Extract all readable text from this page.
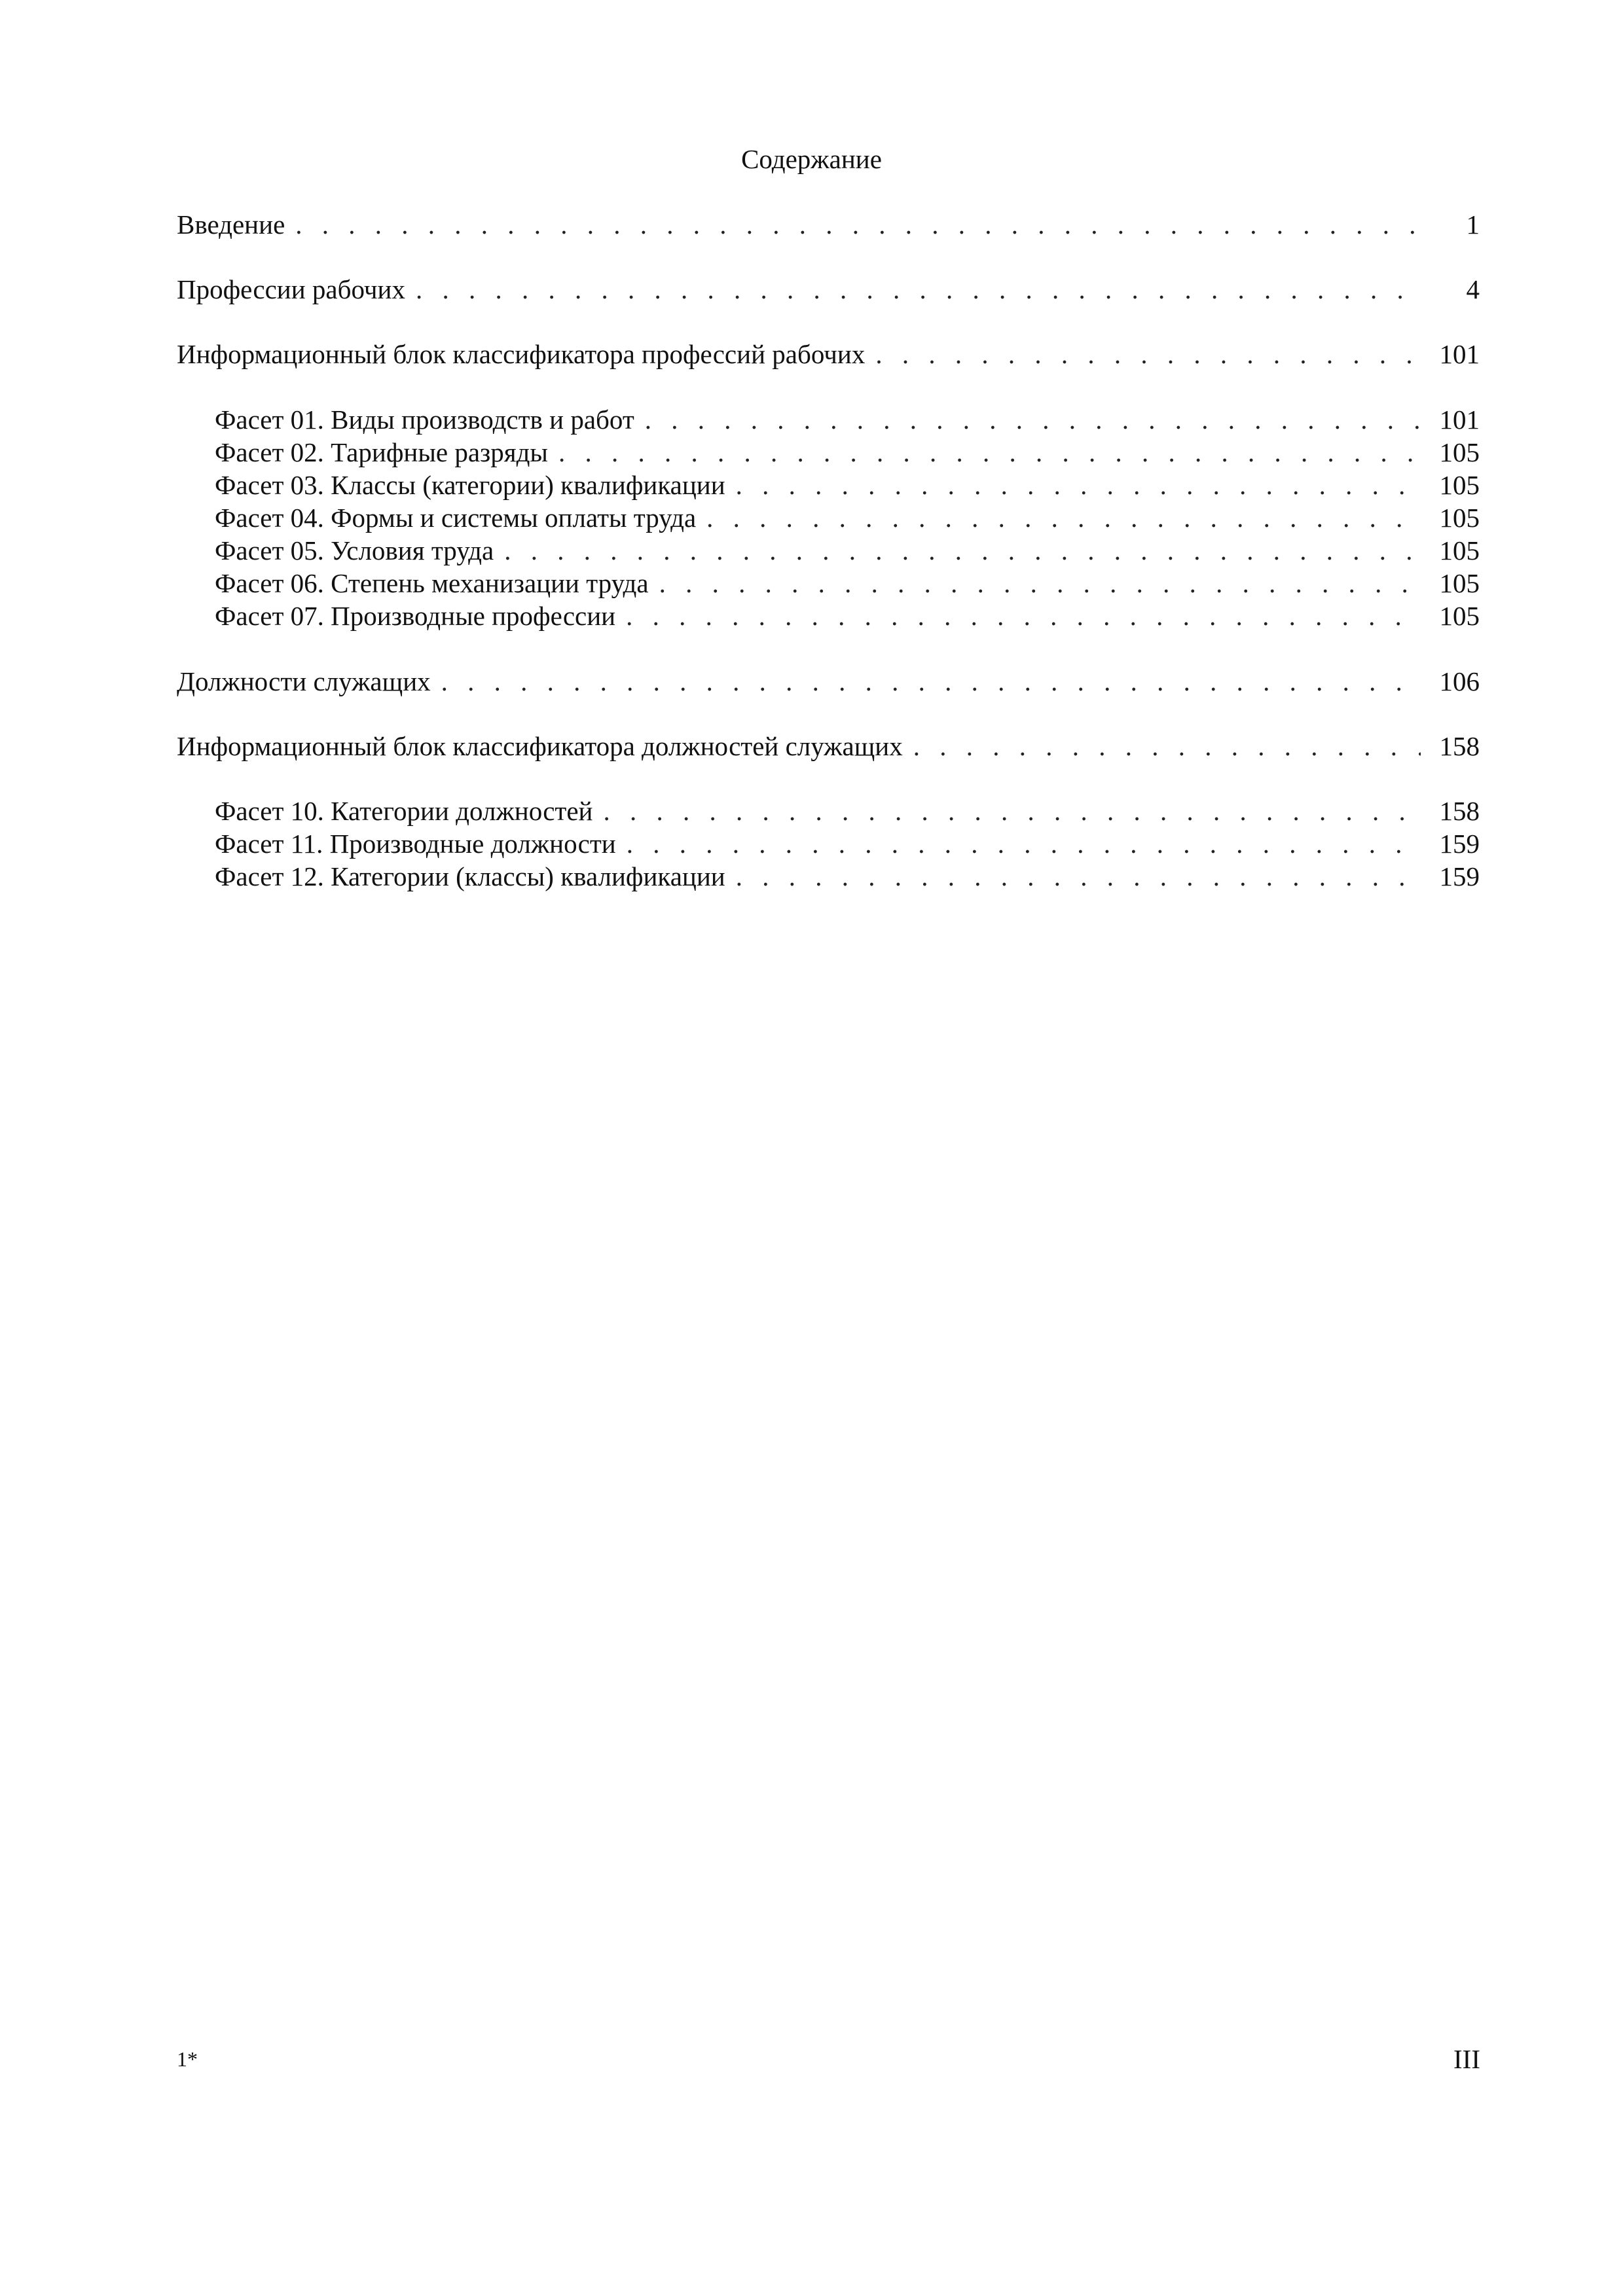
Содержание
Введение . . .	1
Профессии рабочих . . .	4
Информационный блок классификатора профессий рабочих . . .	101
Фасет 01. Виды производств и работ . . .	101
Фасет 02. Тарифные разряды . . .	105
Фасет 03. Классы (категории) квалификации . . .	105
Фасет 04. Формы и системы оплаты труда . . .	105
Фасет 05. Условия труда . . .	105
Фасет 06. Степень механизации труда . . .	105
Фасет 07. Производные профессии . . .	105
Должности служащих . . .	106
Информационный блок классификатора должностей служащих . . .	158
Фасет 10. Категории должностей . . .	158
Фасет 11. Производные должности . . .	159
Фасет 12. Категории (классы) квалификации . . .	159
1*	III
